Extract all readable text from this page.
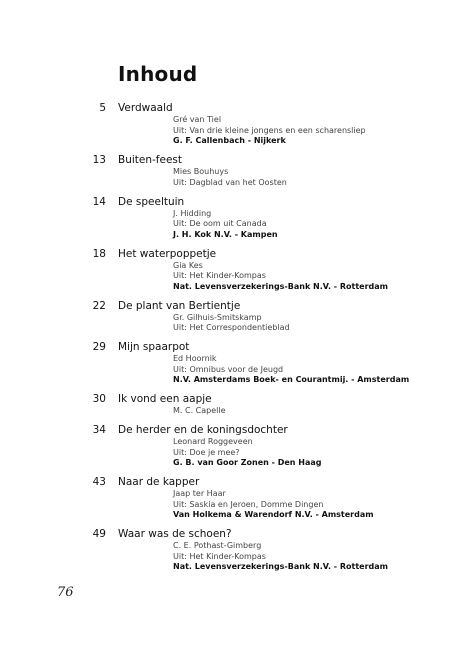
Inhoud
5 Verdwaald
Gré van Tiel
Uit: Van drie kleine jongens en een scharensliep
G. F. Callenbach - Nijkerk
13 Buiten-feest
Mies Bouhuys
Uit: Dagblad van het Oosten
14 De speeltuin
J. Hidding
Uit: De oom uit Canada
J. H. Kok N.V. - Kampen
18 Het waterpoppetje
Gia Kes
Uit: Het Kinder-Kompas
Nat. Levensverzekerings-Bank N.V. - Rotterdam
22 De plant van Bertientje
Gr. Gilhuis-Smitskamp
Uit: Het Correspondentieblad
29 Mijn spaarpot
Ed Hoornik
Uit: Omnibus voor de Jeugd
N.V. Amsterdams Boek- en Courantmij. - Amsterdam
30 Ik vond een aapje
M. C. Capelle
34 De herder en de koningsdochter
Leonard Roggeveen
Uit: Doe je mee?
G. B. van Goor Zonen - Den Haag
43 Naar de kapper
Jaap ter Haar
Uit: Saskia en Jeroen, Domme Dingen
Van Holkema & Warendorf N.V. - Amsterdam
49 Waar was de schoen?
C. E. Pothast-Gimberg
Uit: Het Kinder-Kompas
Nat. Levensverzekerings-Bank N.V. - Rotterdam
76
